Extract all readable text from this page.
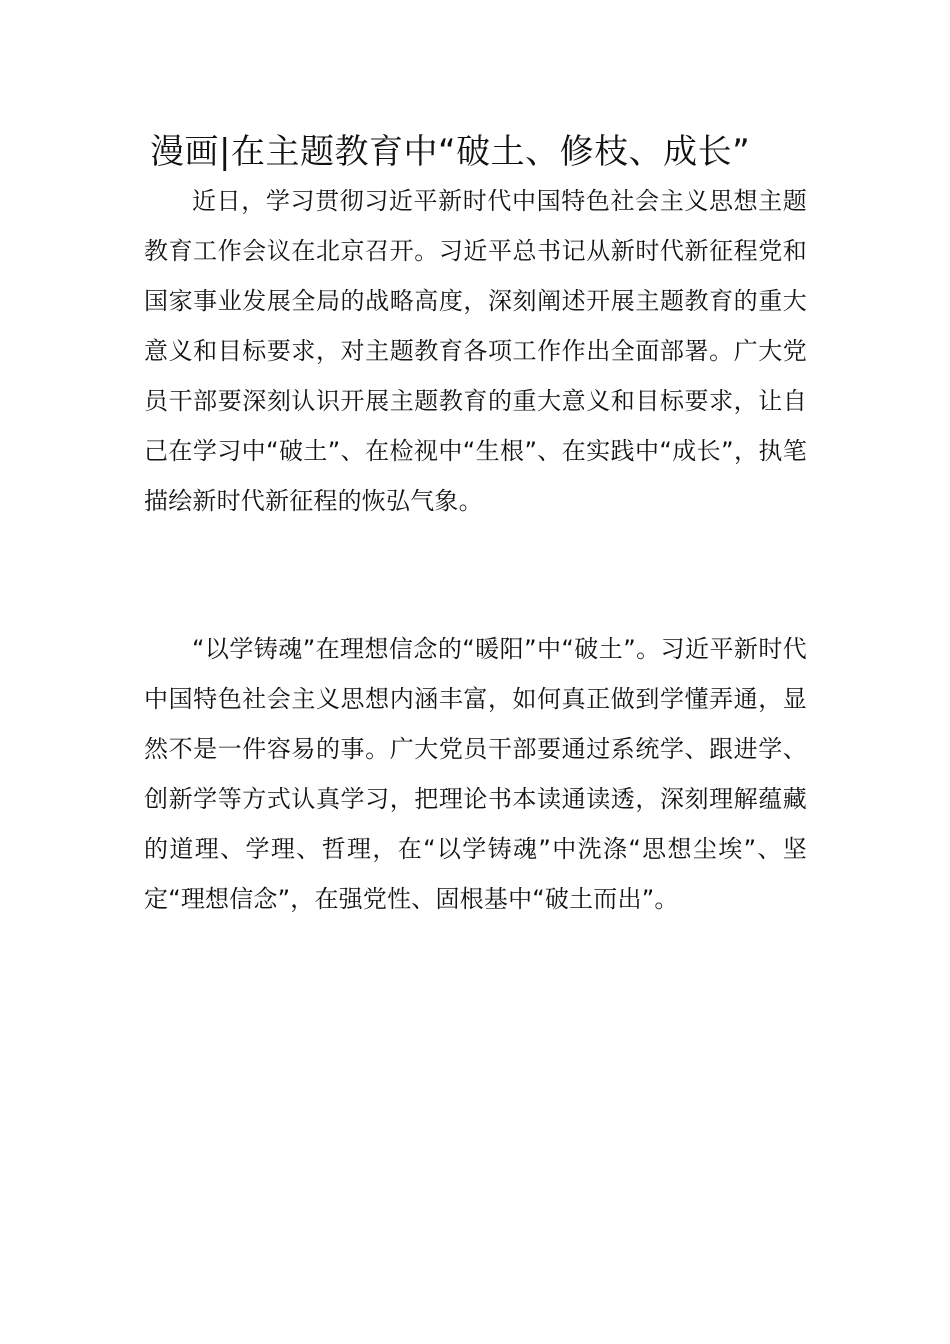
漫画|在主题教育中“破土、修枝、成长”

近日，学习贯彻习近平新时代中国特色社会主义思想主题教育工作会议在北京召开。习近平总书记从新时代新征程党和国家事业发展全局的战略高度，深刻阐述开展主题教育的重大意义和目标要求，对主题教育各项工作作出全面部署。广大党员干部要深刻认识开展主题教育的重大意义和目标要求，让自己在学习中“破土”、在检视中“生根”、在实践中“成长”，执笔描绘新时代新征程的恢弘气象。

“以学铸魂”在理想信念的“暖阳”中“破土”。习近平新时代中国特色社会主义思想内涵丰富，如何真正做到学懂弄通，显然不是一件容易的事。广大党员干部要通过系统学、跟进学、创新学等方式认真学习，把理论书本读通读透，深刻理解蕴藏的道理、学理、哲理，在“以学铸魂”中洗涤“思想尘埃”、坚定“理想信念”，在强党性、固根基中“破土而出”。
